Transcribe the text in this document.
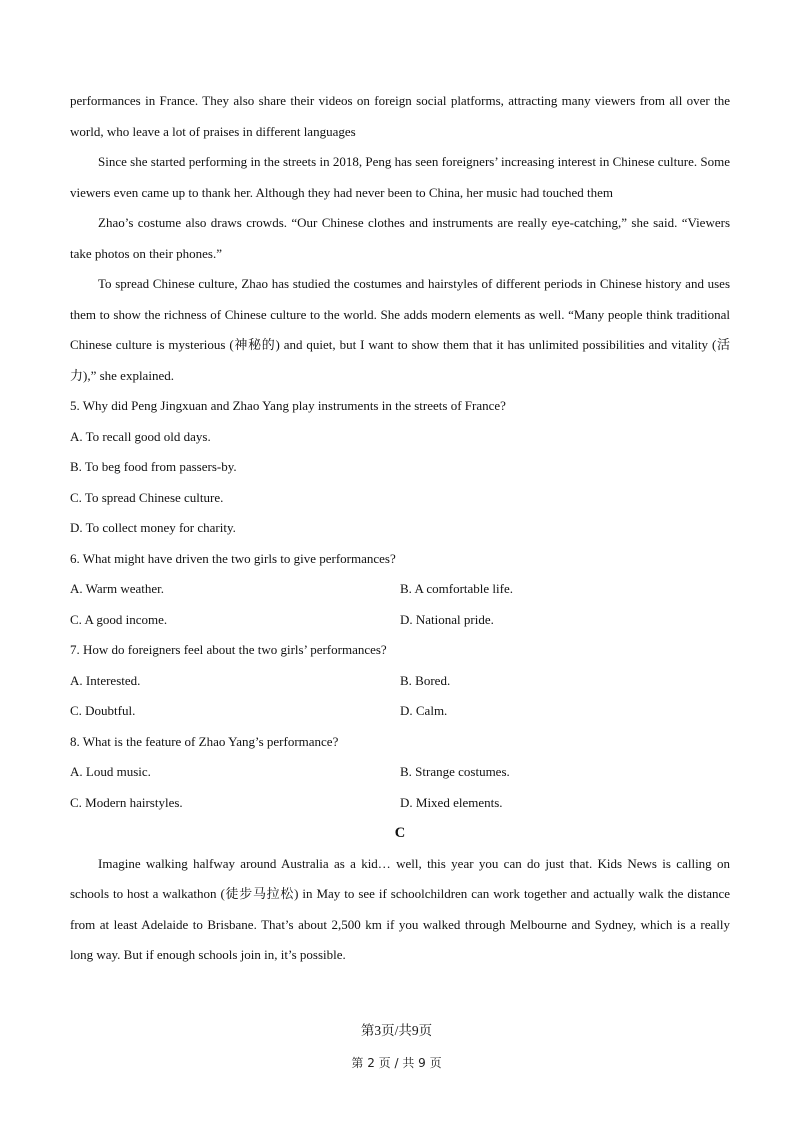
performances in France. They also share their videos on foreign social platforms, attracting many viewers from all over the world, who leave a lot of praises in different languages

Since she started performing in the streets in 2018, Peng has seen foreigners’ increasing interest in Chinese culture. Some viewers even came up to thank her. Although they had never been to China, her music had touched them

Zhao’s costume also draws crowds. “Our Chinese clothes and instruments are really eye-catching,” she said. “Viewers take photos on their phones.”

To spread Chinese culture, Zhao has studied the costumes and hairstyles of different periods in Chinese history and uses them to show the richness of Chinese culture to the world. She adds modern elements as well. “Many people think traditional Chinese culture is mysterious (神秘的) and quiet, but I want to show them that it has unlimited possibilities and vitality (活力),” she explained.

5. Why did Peng Jingxuan and Zhao Yang play instruments in the streets of France?

A. To recall good old days.

B. To beg food from passers-by.

C. To spread Chinese culture.

D. To collect money for charity.

6. What might have driven the two girls to give performances?

A. Warm weather.	B. A comfortable life.

C. A good income.	D. National pride.

7. How do foreigners feel about the two girls’ performances?

A. Interested.	B. Bored.

C. Doubtful.	D. Calm.

8. What is the feature of Zhao Yang’s performance?

A. Loud music.	B. Strange costumes.

C. Modern hairstyles.	D. Mixed elements.

C

Imagine walking halfway around Australia as a kid… well, this year you can do just that. Kids News is calling on schools to host a walkathon (徒步马拉松) in May to see if schoolchildren can work together and actually walk the distance from at least Adelaide to Brisbane. That’s about 2,500 km if you walked through Melbourne and Sydney, which is a really long way. But if enough schools join in, it’s possible.

第3页/共9页
第 2 页 / 共 9 页
